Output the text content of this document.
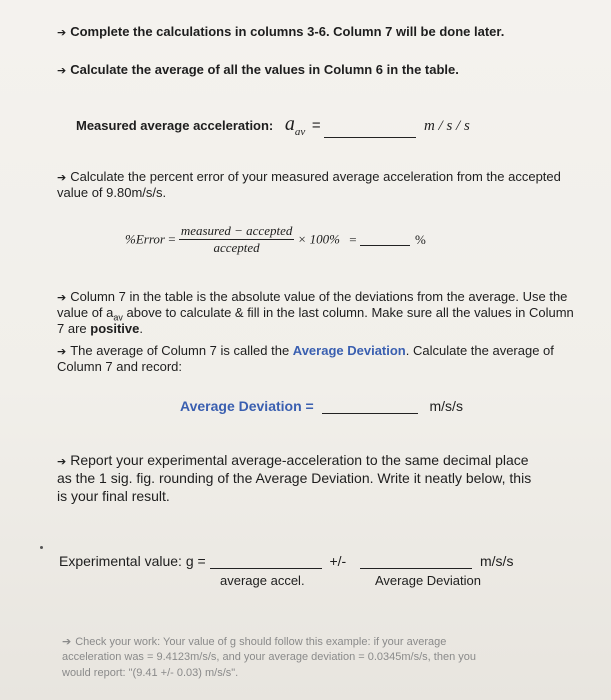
➔ Complete the calculations in columns 3-6. Column 7 will be done later.
➔ Calculate the average of all the values in Column 6 in the table.
Measured average acceleration: $a_{av}$ =	m / s / s
➔ Calculate the percent error of your measured average acceleration from the accepted
value of 9.80m/s/s.
%Error = $\frac{\text{measured − accepted}}{\text{accepted}} \times 100\%$ =	%
➔ Column 7 in the table is the absolute value of the deviations from the average. Use the
value of $a_{av}$ above to calculate & fill in the last column. Make sure all the values in Column
7 are positive.
➔ The average of Column 7 is called the Average Deviation. Calculate the average of
Column 7 and record:
Average Deviation =	m/s/s
➔ Report your experimental average-acceleration to the same decimal place
as the 1 sig. fig. rounding of the Average Deviation. Write it neatly below, this
is your final result.
Experimental value: g =	+/-	m/s/s
average accel.	Average Deviation
➔ Check your work: Your value of g should follow this example: if your average
acceleration was = 9.4123m/s/s, and your average deviation = 0.0345m/s/s, then you
would report: "(9.41 +/- 0.03) m/s/s".
